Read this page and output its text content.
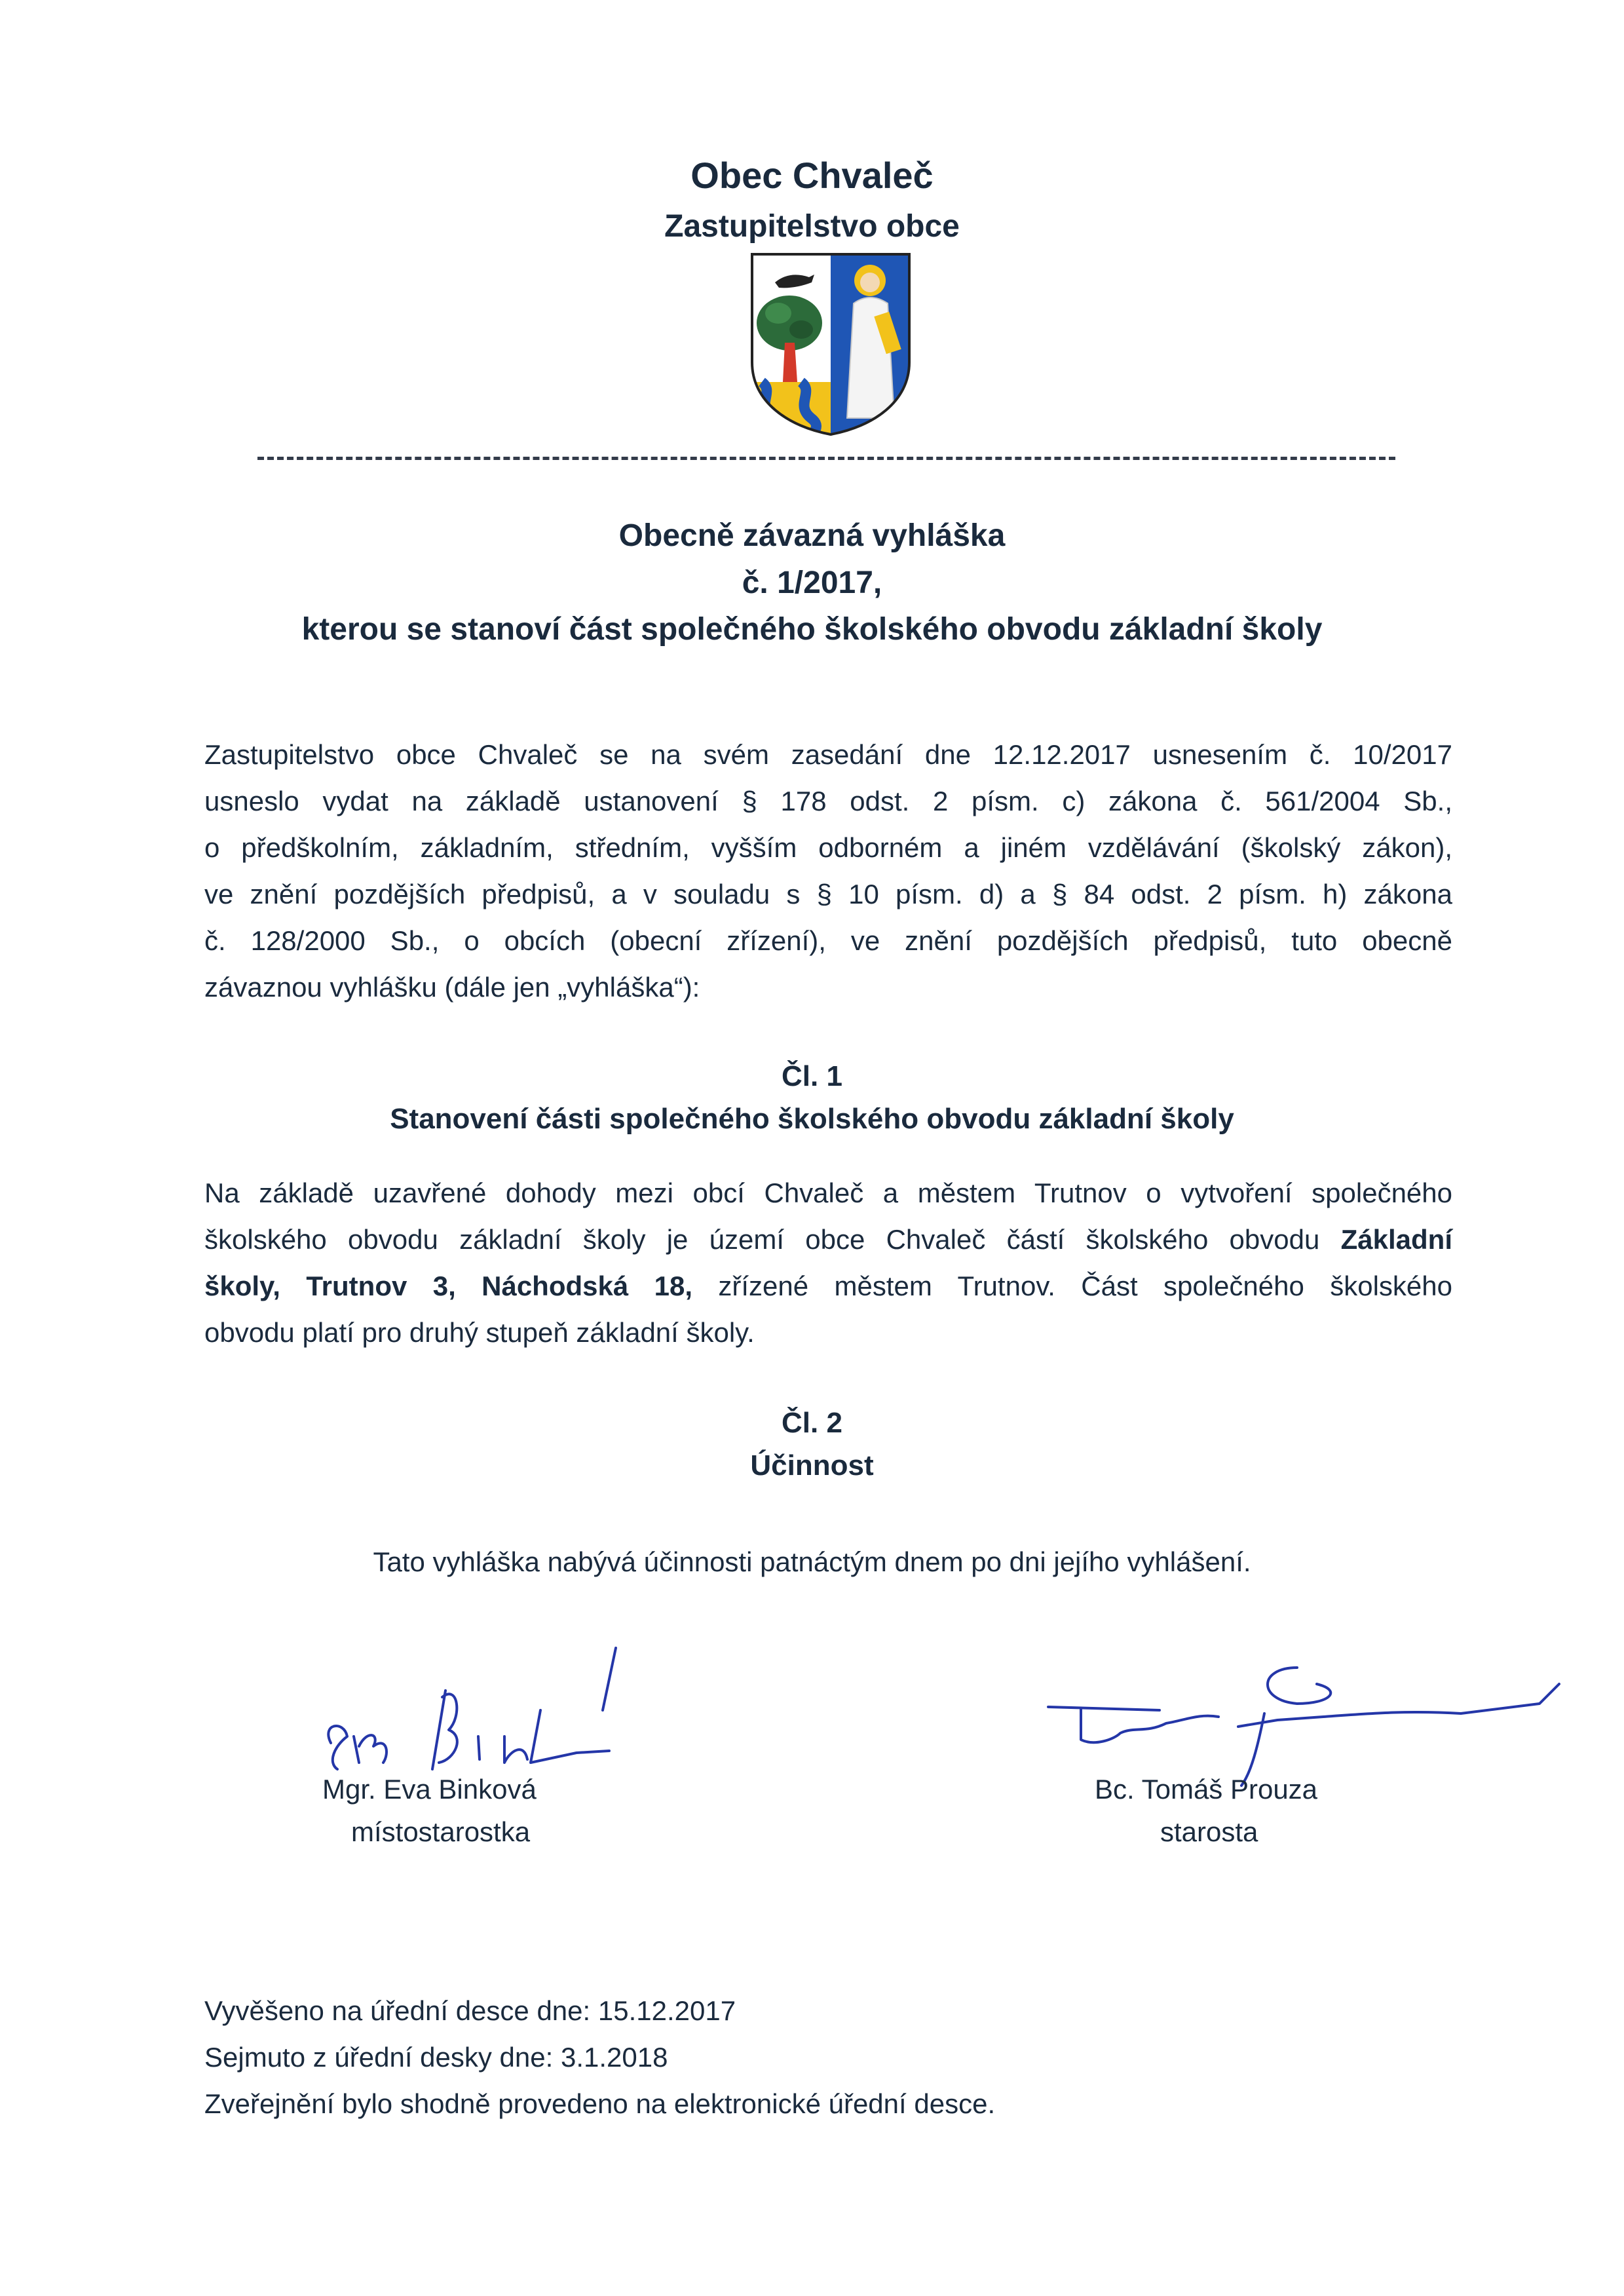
Obec Chvaleč
Zastupitelstvo obce
Obecně závazná vyhláška
č. 1/2017,
kterou se stanoví část společného školského obvodu základní školy
Zastupitelstvo obce Chvaleč se na svém zasedání dne 12.12.2017 usnesením č. 10/2017
usneslo vydat na základě ustanovení § 178 odst. 2 písm. c) zákona č. 561/2004 Sb.,
o předškolním, základním, středním, vyšším odborném a jiném vzdělávání (školský zákon),
ve znění pozdějších předpisů, a v souladu s § 10 písm. d) a § 84 odst. 2 písm. h) zákona
č. 128/2000 Sb., o obcích (obecní zřízení), ve znění pozdějších předpisů, tuto obecně
závaznou vyhlášku (dále jen „vyhláška“):
Čl. 1
Stanovení části společného školského obvodu základní školy
Na základě uzavřené dohody mezi obcí Chvaleč a městem Trutnov o vytvoření společného
školského obvodu základní školy je území obce Chvaleč částí školského obvodu Základní
školy, Trutnov 3, Náchodská 18, zřízené městem Trutnov. Část společného školského
obvodu platí pro druhý stupeň základní školy.
Čl. 2
Účinnost
Tato vyhláška nabývá účinnosti patnáctým dnem po dni jejího vyhlášení.
Mgr. Eva Binková
místostarostka
Bc. Tomáš Prouza
starosta
Vyvěšeno na úřední desce dne: 15.12.2017
Sejmuto z úřední desky dne: 3.1.2018
Zveřejnění bylo shodně provedeno na elektronické úřední desce.
